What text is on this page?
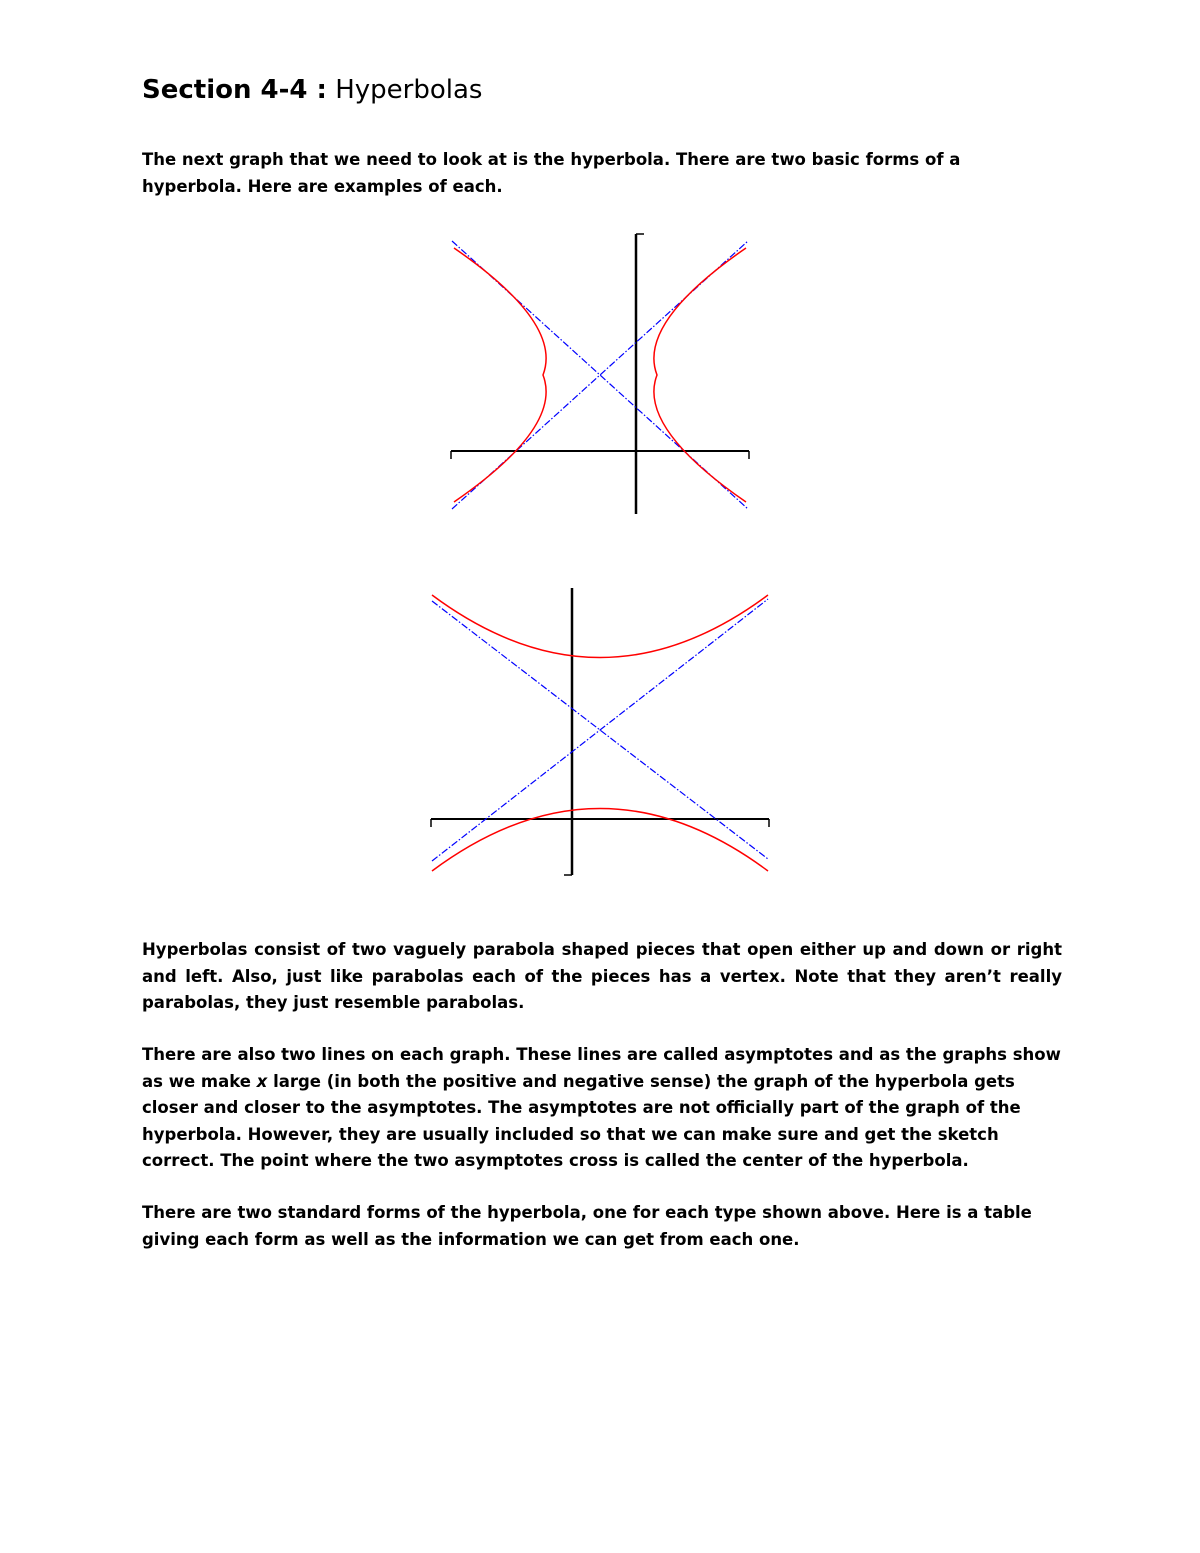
Section 4-4 : Hyperbolas

The next graph that we need to look at is the hyperbola. There are two basic forms of a hyperbola. Here are examples of each.

Hyperbolas consist of two vaguely parabola shaped pieces that open either up and down or right and left. Also, just like parabolas each of the pieces has a vertex. Note that they aren’t really parabolas, they just resemble parabolas.

There are also two lines on each graph. These lines are called asymptotes and as the graphs show as we make x large (in both the positive and negative sense) the graph of the hyperbola gets closer and closer to the asymptotes. The asymptotes are not officially part of the graph of the hyperbola. However, they are usually included so that we can make sure and get the sketch correct. The point where the two asymptotes cross is called the center of the hyperbola.

There are two standard forms of the hyperbola, one for each type shown above. Here is a table giving each form as well as the information we can get from each one.
